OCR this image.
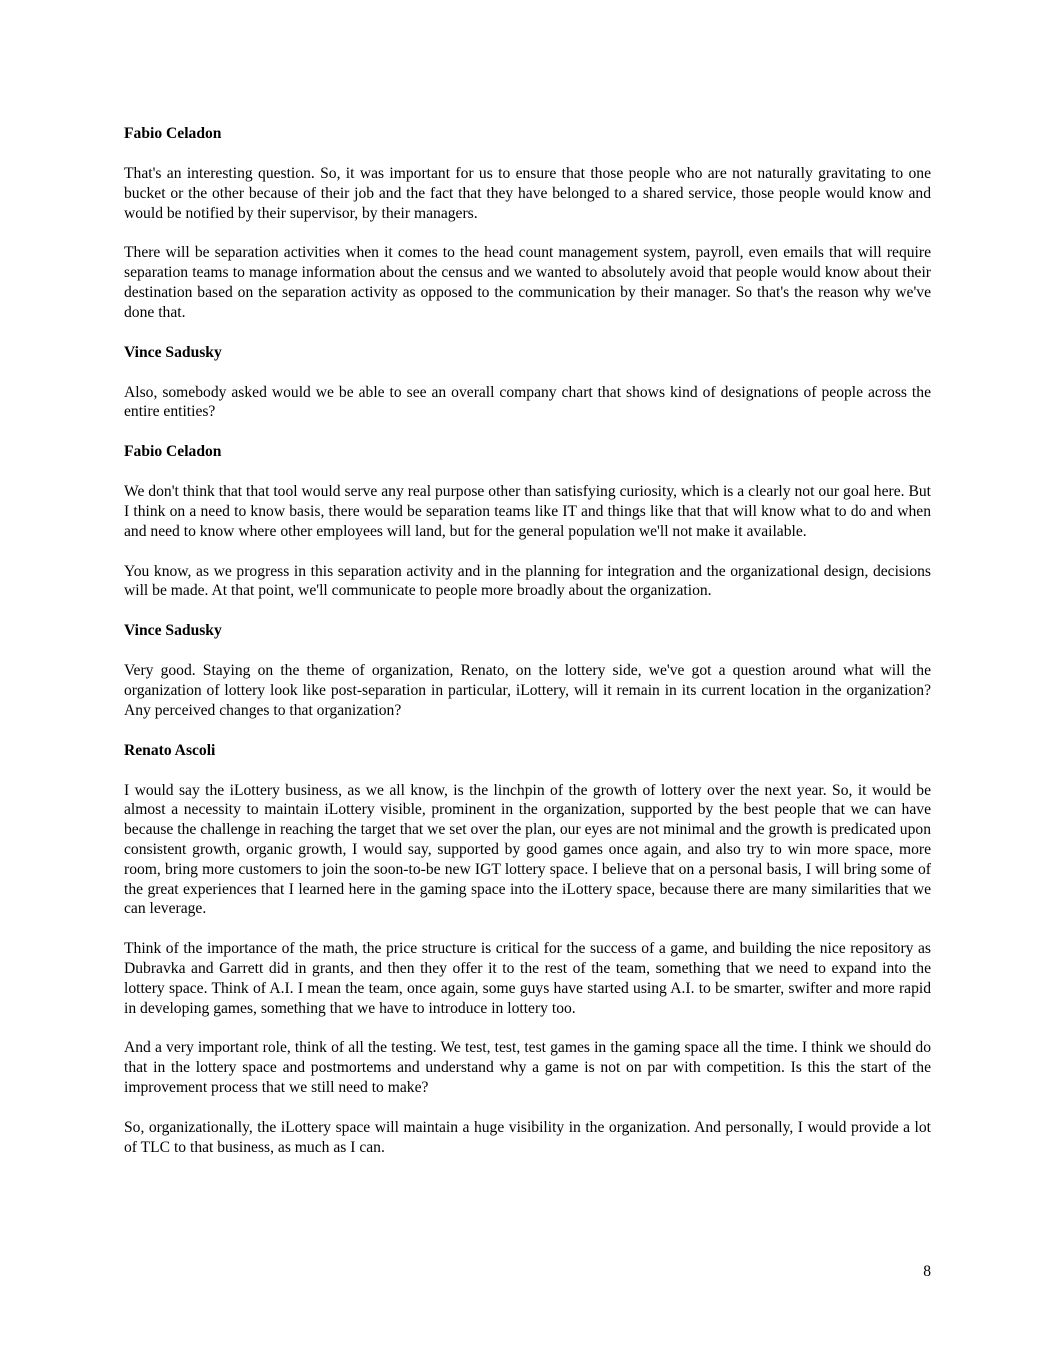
Fabio Celadon

That's an interesting question. So, it was important for us to ensure that those people who are not naturally gravitating to one bucket or the other because of their job and the fact that they have belonged to a shared service, those people would know and would be notified by their supervisor, by their managers.

There will be separation activities when it comes to the head count management system, payroll, even emails that will require separation teams to manage information about the census and we wanted to absolutely avoid that people would know about their destination based on the separation activity as opposed to the communication by their manager. So that's the reason why we've done that.

Vince Sadusky

Also, somebody asked would we be able to see an overall company chart that shows kind of designations of people across the entire entities?

Fabio Celadon

We don't think that that tool would serve any real purpose other than satisfying curiosity, which is a clearly not our goal here. But I think on a need to know basis, there would be separation teams like IT and things like that that will know what to do and when and need to know where other employees will land, but for the general population we'll not make it available.

You know, as we progress in this separation activity and in the planning for integration and the organizational design, decisions will be made. At that point, we'll communicate to people more broadly about the organization.

Vince Sadusky

Very good. Staying on the theme of organization, Renato, on the lottery side, we've got a question around what will the organization of lottery look like post-separation in particular, iLottery, will it remain in its current location in the organization? Any perceived changes to that organization?

Renato Ascoli

I would say the iLottery business, as we all know, is the linchpin of the growth of lottery over the next year. So, it would be almost a necessity to maintain iLottery visible, prominent in the organization, supported by the best people that we can have because the challenge in reaching the target that we set over the plan, our eyes are not minimal and the growth is predicated upon consistent growth, organic growth, I would say, supported by good games once again, and also try to win more space, more room, bring more customers to join the soon-to-be new IGT lottery space. I believe that on a personal basis, I will bring some of the great experiences that I learned here in the gaming space into the iLottery space, because there are many similarities that we can leverage.

Think of the importance of the math, the price structure is critical for the success of a game, and building the nice repository as Dubravka and Garrett did in grants, and then they offer it to the rest of the team, something that we need to expand into the lottery space. Think of A.I. I mean the team, once again, some guys have started using A.I. to be smarter, swifter and more rapid in developing games, something that we have to introduce in lottery too.

And a very important role, think of all the testing. We test, test, test games in the gaming space all the time. I think we should do that in the lottery space and postmortems and understand why a game is not on par with competition. Is this the start of the improvement process that we still need to make?

So, organizationally, the iLottery space will maintain a huge visibility in the organization. And personally, I would provide a lot of TLC to that business, as much as I can.

8
